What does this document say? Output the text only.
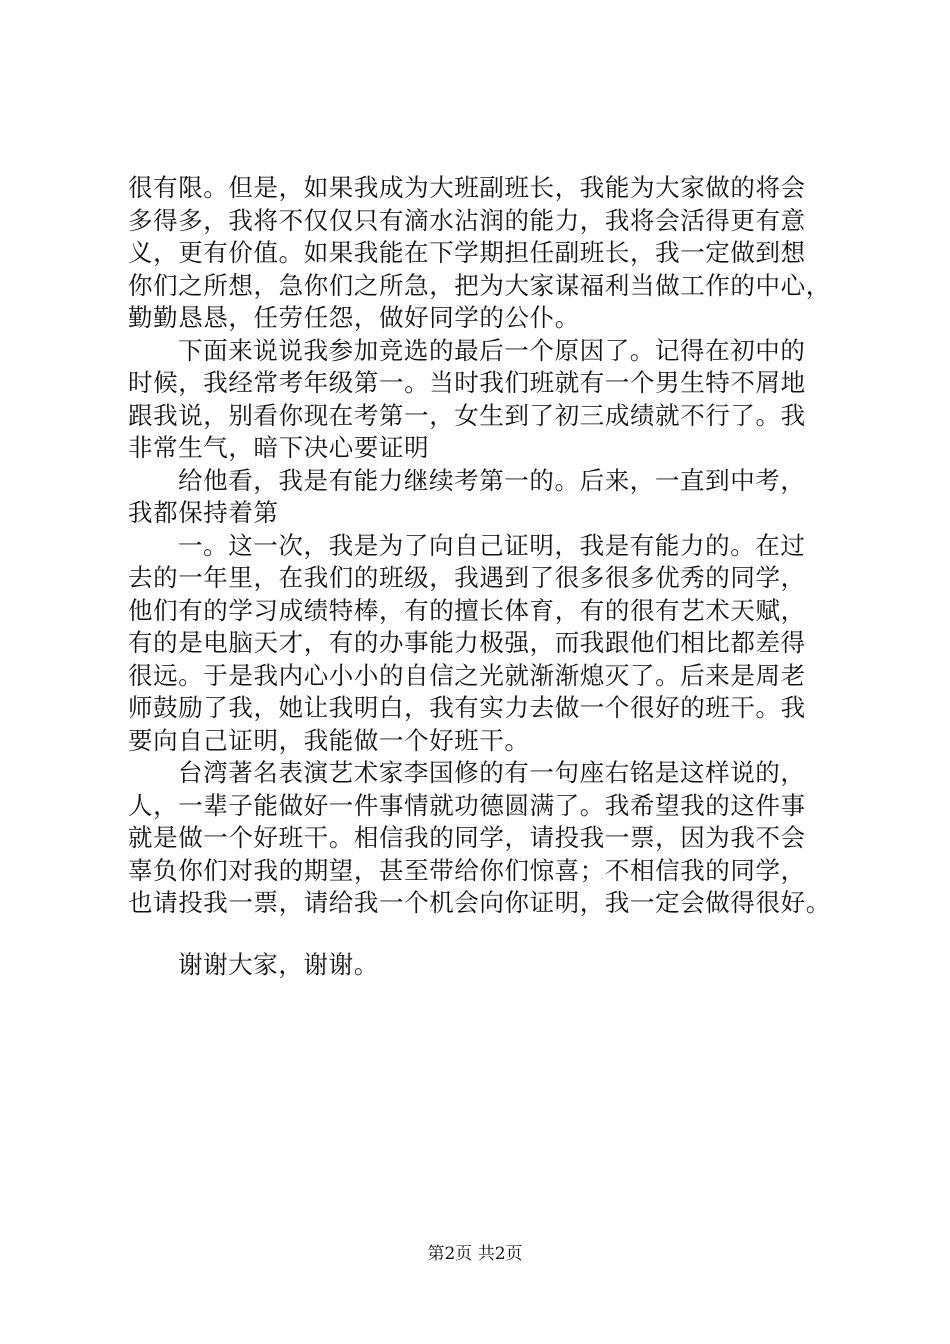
很有限。但是，如果我成为大班副班长，我能为大家做的将会
多得多，我将不仅仅只有滴水沾润的能力，我将会活得更有意
义，更有价值。如果我能在下学期担任副班长，我一定做到想
你们之所想，急你们之所急，把为大家谋福利当做工作的中心，
勤勤恳恳，任劳任怨，做好同学的公仆。
下面来说说我参加竞选的最后一个原因了。记得在初中的
时候，我经常考年级第一。当时我们班就有一个男生特不屑地
跟我说，别看你现在考第一，女生到了初三成绩就不行了。我
非常生气，暗下决心要证明
给他看，我是有能力继续考第一的。后来，一直到中考，
我都保持着第
一。这一次，我是为了向自己证明，我是有能力的。在过
去的一年里，在我们的班级，我遇到了很多很多优秀的同学，
他们有的学习成绩特棒，有的擅长体育，有的很有艺术天赋，
有的是电脑天才，有的办事能力极强，而我跟他们相比都差得
很远。于是我内心小小的自信之光就渐渐熄灭了。后来是周老
师鼓励了我，她让我明白，我有实力去做一个很好的班干。我
要向自己证明，我能做一个好班干。
台湾著名表演艺术家李国修的有一句座右铭是这样说的，
人，一辈子能做好一件事情就功德圆满了。我希望我的这件事
就是做一个好班干。相信我的同学，请投我一票，因为我不会
辜负你们对我的期望，甚至带给你们惊喜；不相信我的同学，
也请投我一票，请给我一个机会向你证明，我一定会做得很好。
谢谢大家，谢谢。
第2页 共2页
